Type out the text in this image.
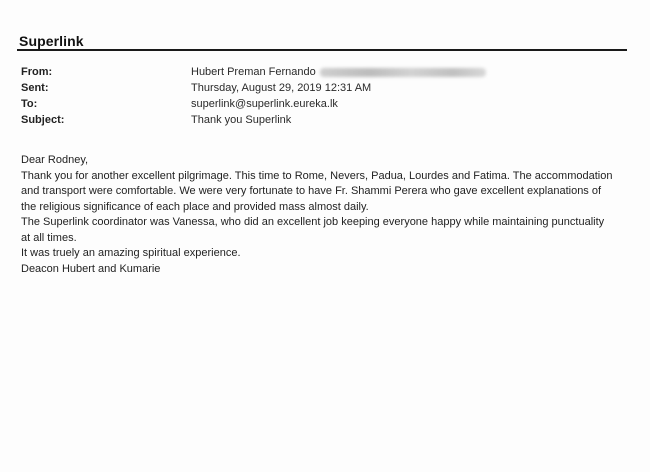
Superlink
From:	Hubert Preman Fernando
Sent:	Thursday, August 29, 2019 12:31 AM
To:	superlink@superlink.eureka.lk
Subject:	Thank you Superlink
Dear Rodney,
Thank you for another excellent pilgrimage. This time to Rome, Nevers, Padua, Lourdes and Fatima. The accommodation
and transport were comfortable. We were very fortunate to have Fr. Shammi Perera who gave excellent explanations of
the religious significance of each place and provided mass almost daily.
The Superlink coordinator was Vanessa, who did an excellent job keeping everyone happy while maintaining punctuality
at all times.
It was truely an amazing spiritual experience.
Deacon Hubert and Kumarie
